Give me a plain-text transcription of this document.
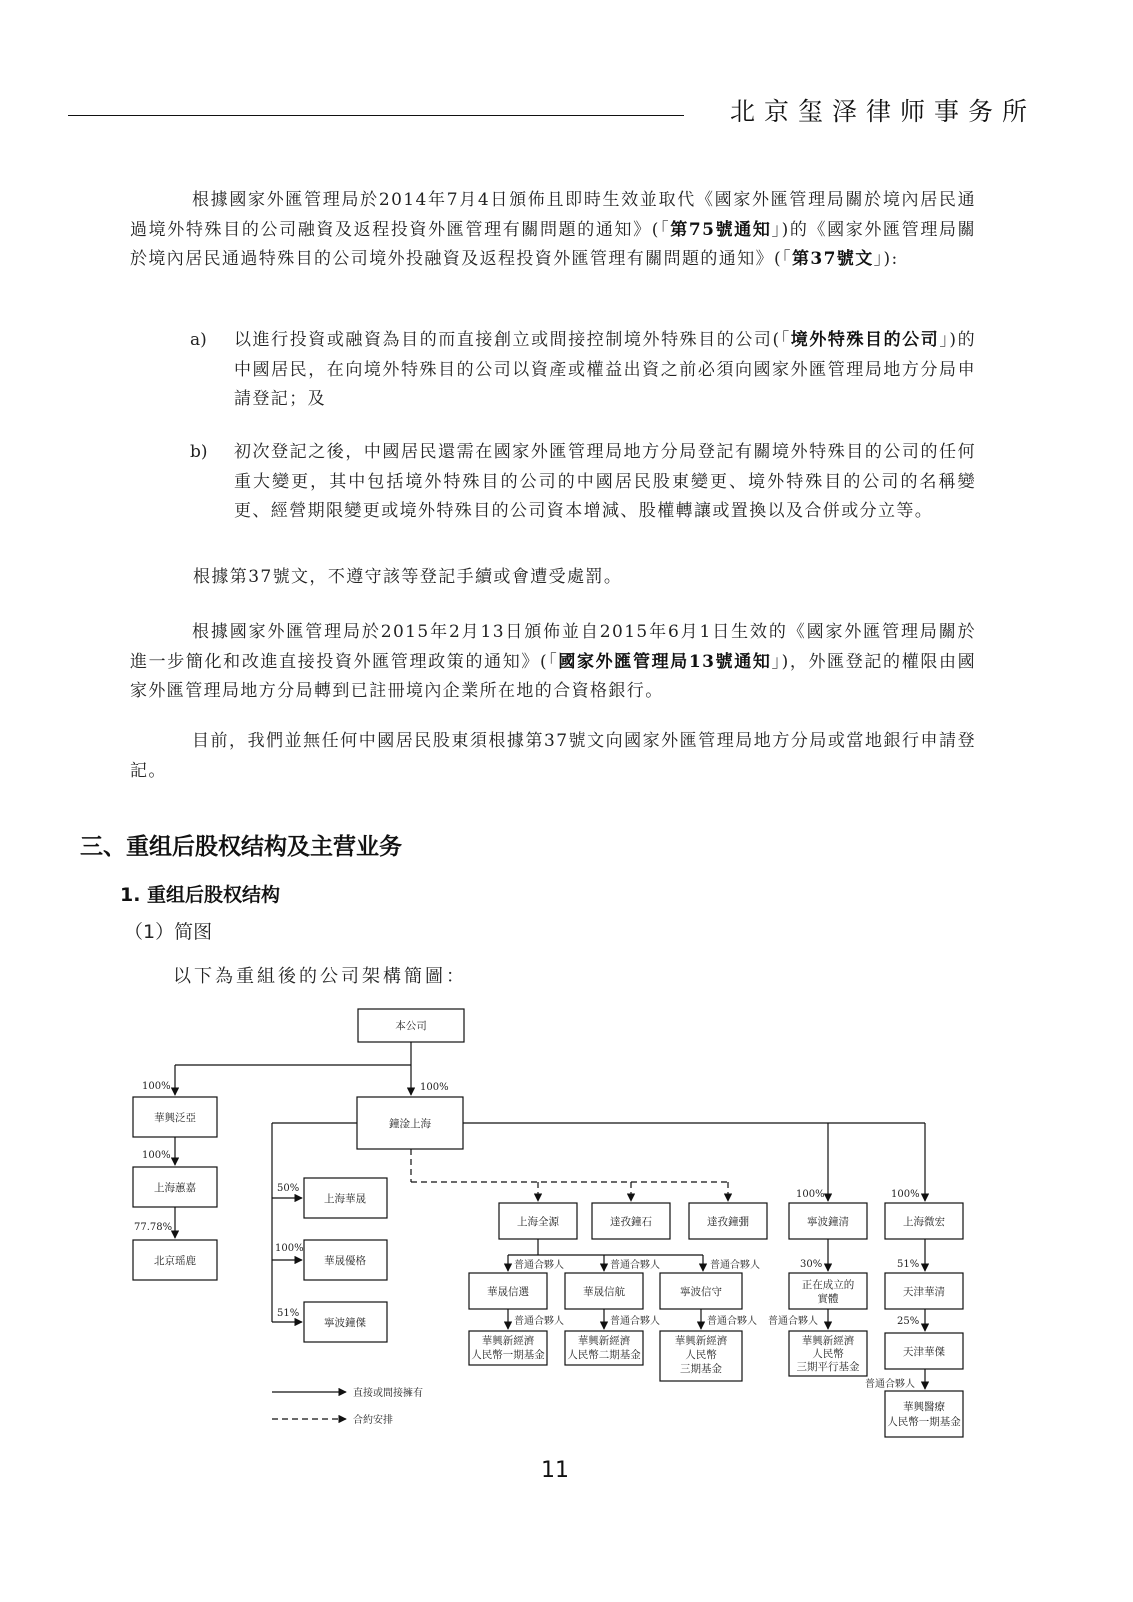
北京玺泽律师事务所

根據國家外匯管理局於2014年7月4日頒佈且即時生效並取代《國家外匯管理局關於境內居民通過境外特殊目的公司融資及返程投資外匯管理有關問題的通知》(「第75號通知」)的《國家外匯管理局關於境內居民通過特殊目的公司境外投融資及返程投資外匯管理有關問題的通知》(「第37號文」):

a) 以進行投資或融資為目的而直接創立或間接控制境外特殊目的公司(「境外特殊目的公司」)的中國居民，在向境外特殊目的公司以資產或權益出資之前必須向國家外匯管理局地方分局申請登記；及

b) 初次登記之後，中國居民還需在國家外匯管理局地方分局登記有關境外特殊目的公司的任何重大變更，其中包括境外特殊目的公司的中國居民股東變更、境外特殊目的公司的名稱變更、經營期限變更或境外特殊目的公司資本增減、股權轉讓或置換以及合併或分立等。

根據第37號文，不遵守該等登記手續或會遭受處罰。

根據國家外匯管理局於2015年2月13日頒佈並自2015年6月1日生效的《國家外匯管理局關於進一步簡化和改進直接投資外匯管理政策的通知》(「國家外匯管理局13號通知」)，外匯登記的權限由國家外匯管理局地方分局轉到已註冊境內企業所在地的合資格銀行。

目前，我們並無任何中國居民股東須根據第37號文向國家外匯管理局地方分局或當地銀行申請登記。

三、重组后股权结构及主营业务
1. 重组后股权结构
（1）简图
以下為重組後的公司架構簡圖：
本公司
華興泛亞	鐘淦上海
上海蕙嘉
北京瑶鹿
上海華晟
華晟優格
寧波鐘傑
上海全源	達孜鐘石	達孜鐘弸	寧波鐘清	上海微宏
華晟信選	華晟信航	寧波信守
正在成立的
實體
天津華清
天津華傑
華興新經濟
人民幣一期基金
華興新經濟
人民幣二期基金
華興新經濟
人民幣
三期基金
華興新經濟
人民幣
三期平行基金
華興醫療
人民幣一期基金
100%	100%
100%
77.78%
50%
100%
51%
100%	100%
30%	51%
25%
普通合夥人	普通合夥人	普通合夥人
普通合夥人	普通合夥人	普通合夥人 普通合夥人
普通合夥人
直接或間接擁有
合約安排
11
